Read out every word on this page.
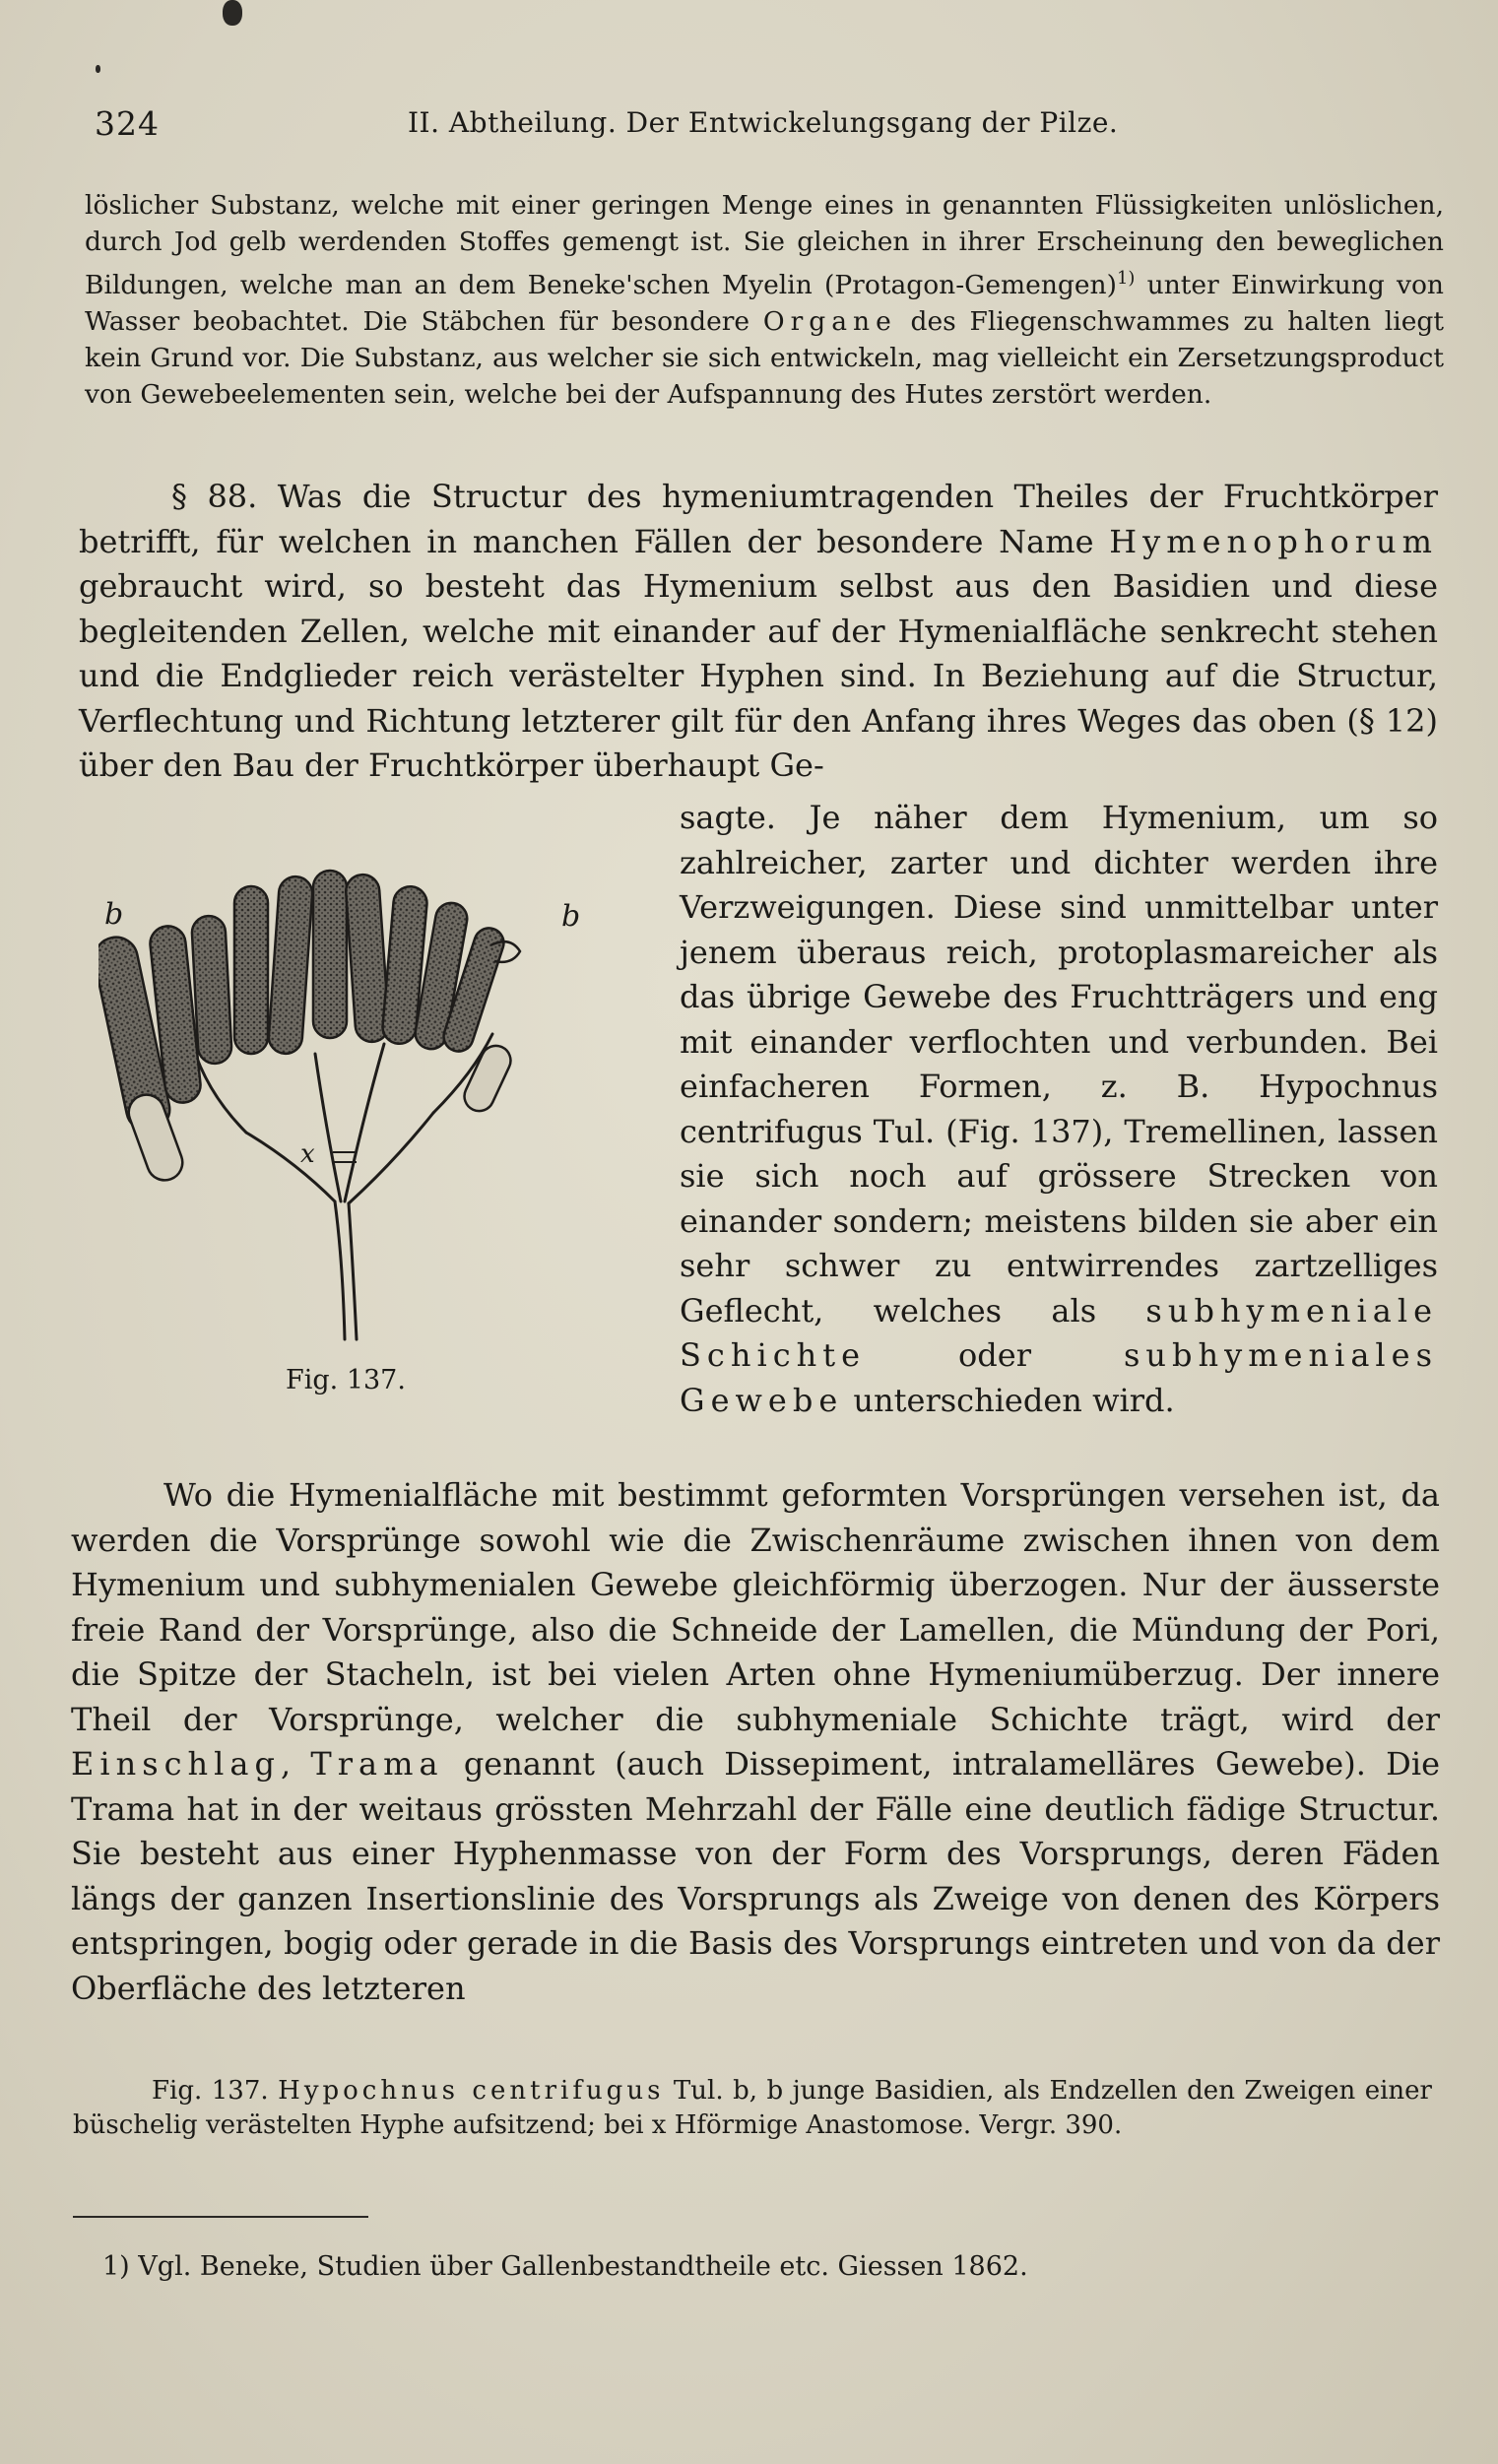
324	II. Abtheilung. Der Entwickelungsgang der Pilze.

löslicher Substanz, welche mit einer geringen Menge eines in genannten Flüssigkeiten unlöslichen, durch Jod gelb werdenden Stoffes gemengt ist. Sie gleichen in ihrer Erscheinung den beweglichen Bildungen, welche man an dem Beneke'schen Myelin (Protagon-Gemengen)$^{1)}$ unter Einwirkung von Wasser beobachtet. Die Stäbchen für besondere Organe des Fliegenschwammes zu halten liegt kein Grund vor. Die Substanz, aus welcher sie sich entwickeln, mag vielleicht ein Zersetzungsproduct von Gewebeelementen sein, welche bei der Aufspannung des Hutes zerstört werden.

§ 88. Was die Structur des hymeniumtragenden Theiles der Fruchtkörper betrifft, für welchen in manchen Fällen der besondere Name Hymenophorum gebraucht wird, so besteht das Hymenium selbst aus den Basidien und diese begleitenden Zellen, welche mit einander auf der Hymenialfläche senkrecht stehen und die Endglieder reich verästelter Hyphen sind. In Beziehung auf die Structur, Verflechtung und Richtung letzterer gilt für den Anfang ihres Weges das oben (§ 12) über den Bau der Fruchtkörper überhaupt Ge-

b	b
x
Fig. 137.

sagte. Je näher dem Hymenium, um so zahlreicher, zarter und dichter werden ihre Verzweigungen. Diese sind unmittelbar unter jenem überaus reich, protoplasmareicher als das übrige Gewebe des Fruchtträgers und eng mit einander verflochten und verbunden. Bei einfacheren Formen, z. B. Hypochnus centrifugus Tul. (Fig. 137), Tremellinen, lassen sie sich noch auf grössere Strecken von einander sondern; meistens bilden sie aber ein sehr schwer zu entwirrendes zartzelliges Geflecht, welches als subhymeniale Schichte oder subhymeniales Gewebe unterschieden wird.

Wo die Hymenialfläche mit bestimmt geformten Vorsprüngen versehen ist, da werden die Vorsprünge sowohl wie die Zwischenräume zwischen ihnen von dem Hymenium und subhymenialen Gewebe gleichförmig überzogen. Nur der äusserste freie Rand der Vorsprünge, also die Schneide der Lamellen, die Mündung der Pori, die Spitze der Stacheln, ist bei vielen Arten ohne Hymeniumüberzug. Der innere Theil der Vorsprünge, welcher die subhymeniale Schichte trägt, wird der Einschlag, Trama genannt (auch Dissepiment, intralamelläres Gewebe). Die Trama hat in der weitaus grössten Mehrzahl der Fälle eine deutlich fädige Structur. Sie besteht aus einer Hyphenmasse von der Form des Vorsprungs, deren Fäden längs der ganzen Insertionslinie des Vorsprungs als Zweige von denen des Körpers entspringen, bogig oder gerade in die Basis des Vorsprungs eintreten und von da der Oberfläche des letzteren

Fig. 137. Hypochnus centrifugus Tul. b, b junge Basidien, als Endzellen den Zweigen einer büschelig verästelten Hyphe aufsitzend; bei x Hförmige Anastomose. Vergr. 390.

1) Vgl. Beneke, Studien über Gallenbestandtheile etc. Giessen 1862.
